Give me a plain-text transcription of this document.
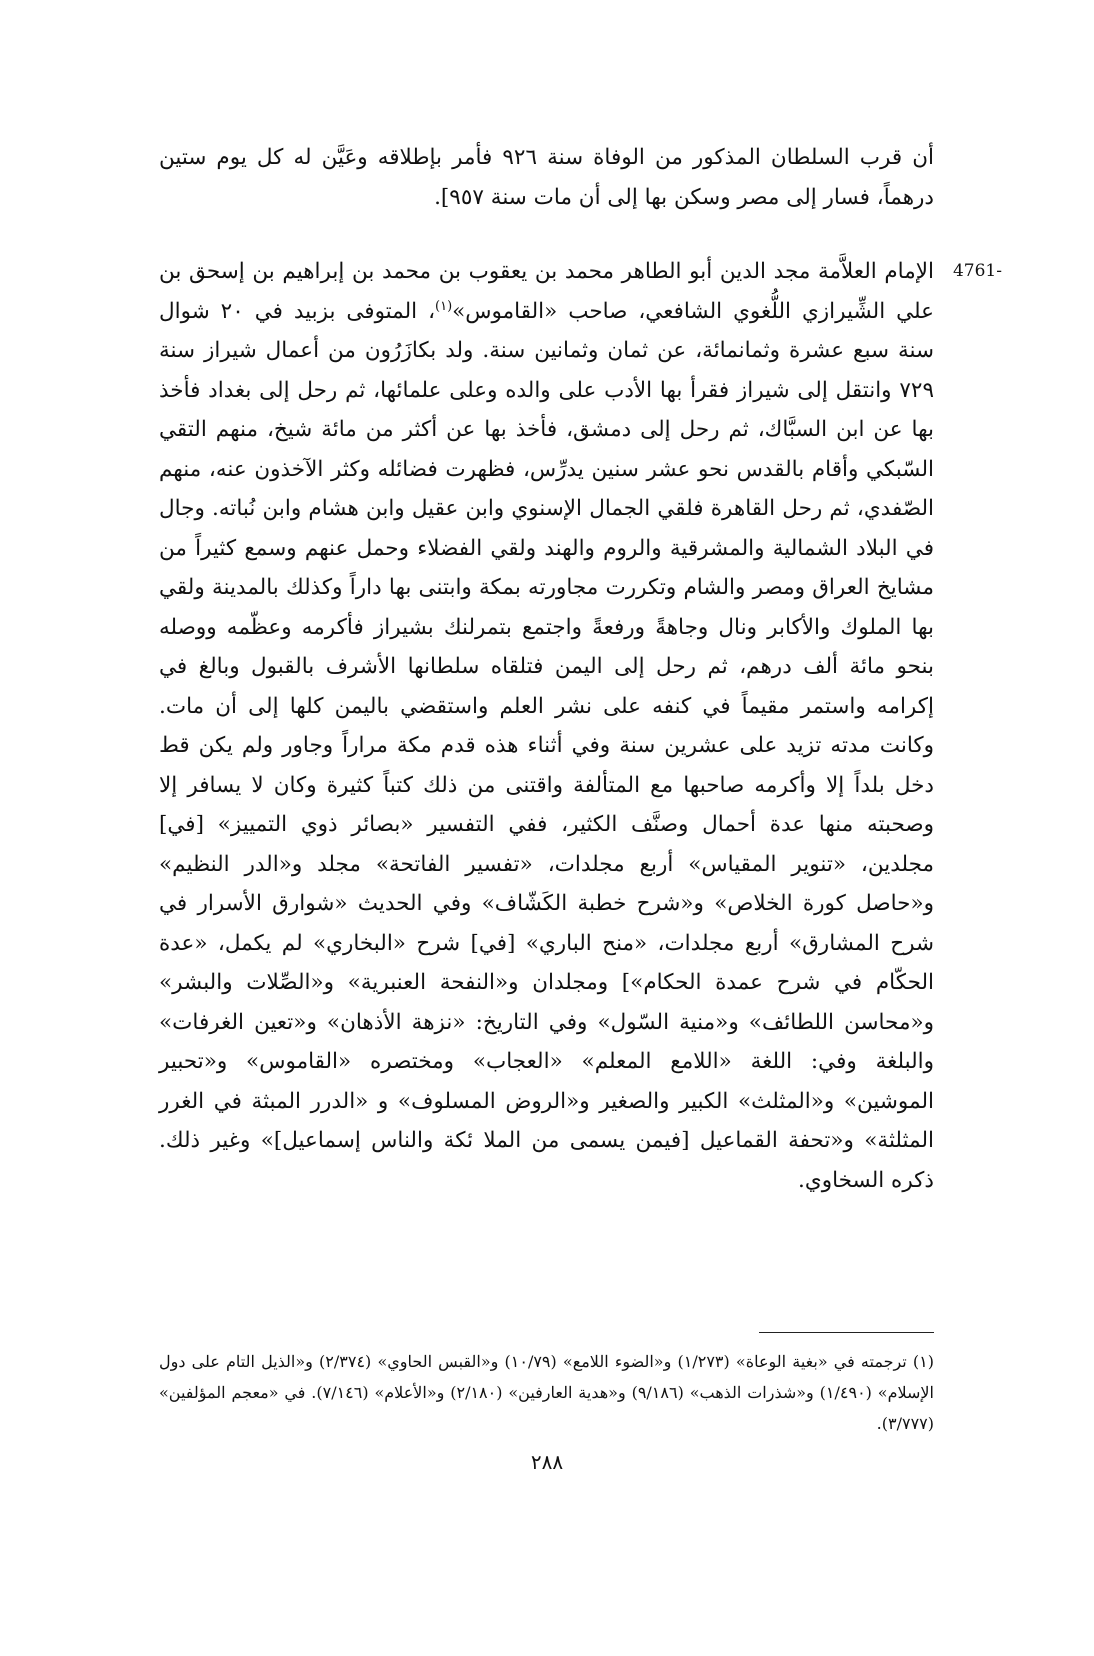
أن قرب السلطان المذكور من الوفاة سنة ٩٢٦ فأمر بإطلاقه وعَيَّن له كل يوم ستين درهماً، فسار إلى مصر وسكن بها إلى أن مات سنة ٩٥٧].

4761-

الإمام العلاَّمة مجد الدين أبو الطاهر محمد بن يعقوب بن محمد بن إبراهيم بن إسحق بن علي الشِّيرازي اللُّغوي الشافعي، صاحب «القاموس»$^{(١)}$، المتوفى بزبيد في ٢٠ شوال سنة سبع عشرة وثمانمائة، عن ثمان وثمانين سنة. ولد بكازَرُون من أعمال شيراز سنة ٧٢٩ وانتقل إلى شيراز فقرأ بها الأدب على والده وعلى علمائها، ثم رحل إلى بغداد فأخذ بها عن ابن السبَّاك، ثم رحل إلى دمشق، فأخذ بها عن أكثر من مائة شيخ، منهم التقي السّبكي وأقام بالقدس نحو عشر سنين يدرِّس، فظهرت فضائله وكثر الآخذون عنه، منهم الصّفدي، ثم رحل القاهرة فلقي الجمال الإسنوي وابن عقيل وابن هشام وابن نُباته. وجال في البلاد الشمالية والمشرقية والروم والهند ولقي الفضلاء وحمل عنهم وسمع كثيراً من مشايخ العراق ومصر والشام وتكررت مجاورته بمكة وابتنى بها داراً وكذلك بالمدينة ولقي بها الملوك والأكابر ونال وجاهةً ورفعةً واجتمع بتمرلنك بشيراز فأكرمه وعظّمه ووصله بنحو مائة ألف درهم، ثم رحل إلى اليمن فتلقاه سلطانها الأشرف بالقبول وبالغ في إكرامه واستمر مقيماً في كنفه على نشر العلم واستقضي باليمن كلها إلى أن مات. وكانت مدته تزيد على عشرين سنة وفي أثناء هذه قدم مكة مراراً وجاور ولم يكن قط دخل بلداً إلا وأكرمه صاحبها مع المتألفة واقتنى من ذلك كتباً كثيرة وكان لا يسافر إلا وصحبته منها عدة أحمال وصنَّف الكثير، ففي التفسير «بصائر ذوي التمييز» [في] مجلدين، «تنوير المقياس» أربع مجلدات، «تفسير الفاتحة» مجلد و«الدر النظيم» و«حاصل كورة الخلاص» و«شرح خطبة الكَشّاف» وفي الحديث «شوارق الأسرار في شرح المشارق» أربع مجلدات، «منح الباري» [في] شرح «البخاري» لم يكمل، «عدة الحكّام في شرح عمدة الحكام»] ومجلدان و«النفحة العنبرية» و«الصِّلات والبشر» و«محاسن اللطائف» و«منية السّول» وفي التاريخ: «نزهة الأذهان» و«تعين الغرفات» والبلغة وفي: اللغة «اللامع المعلم» «العجاب» ومختصره «القاموس» و«تحبير الموشين» و«المثلث» الكبير والصغير و«الروض المسلوف» و «الدرر المبثة في الغرر المثلثة» و«تحفة القماعيل [فيمن يسمى من الملا ئكة والناس إسماعيل]» وغير ذلك. ذكره السخاوي.

(١) ترجمته في «بغية الوعاة» (١/٢٧٣) و«الضوء اللامع» (١٠/٧٩) و«القبس الحاوي» (٢/٣٧٤) و«الذيل التام على دول الإسلام» (١/٤٩٠) و«شذرات الذهب» (٩/١٨٦) و«هدية العارفين» (٢/١٨٠) و«الأعلام» (٧/١٤٦). في «معجم المؤلفين» (٣/٧٧٧).

٢٨٨
